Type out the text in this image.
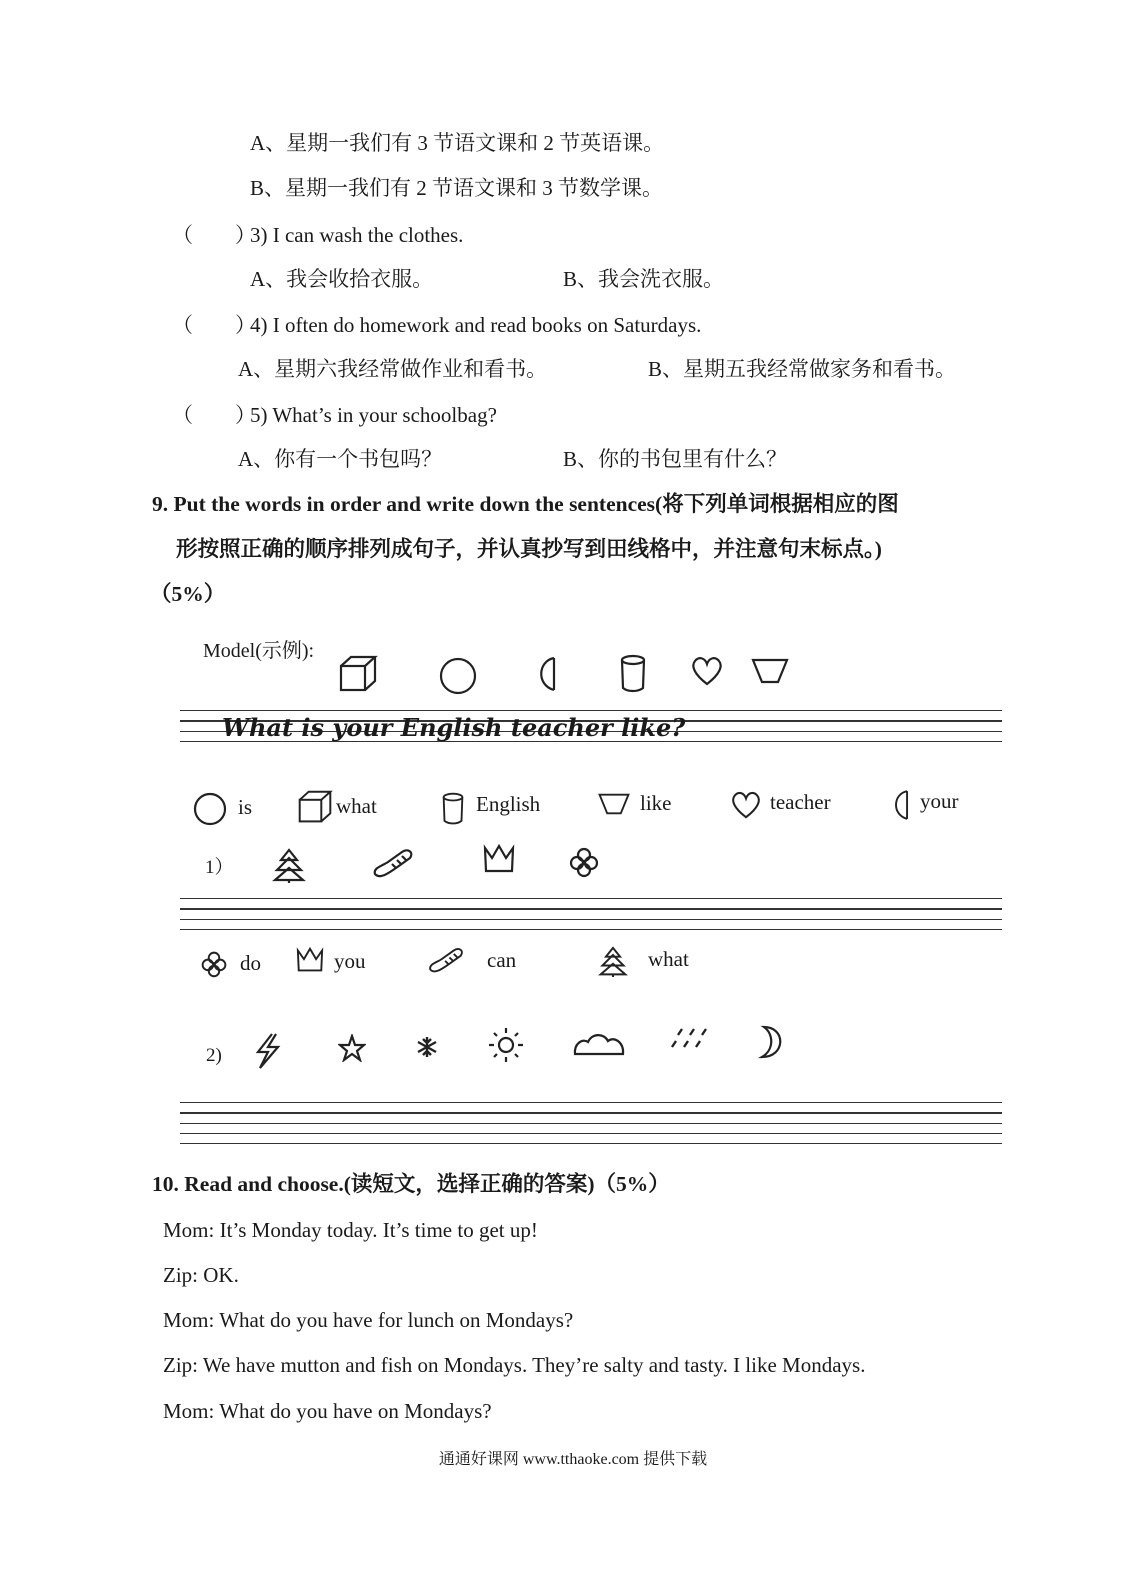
A、星期一我们有 3 节语文课和 2 节英语课。
B、星期一我们有 2 节语文课和 3 节数学课。
（　　）
3) I can wash the clothes.
A、我会收拾衣服。	B、我会洗衣服。
（　　）
4) I often do homework and read books on Saturdays.
A、星期六我经常做作业和看书。	B、星期五我经常做家务和看书。
（　　）
5) What’s in your schoolbag?
A、你有一个书包吗？	B、你的书包里有什么？
9. Put the words in order and write down the sentences(将下列单词根据相应的图
形按照正确的顺序排列成句子，并认真抄写到田线格中，并注意句末标点。)
（5%）
Model(示例):
What is your English teacher like?
is	what	English	like	teacher	your
1）
do	you	can	what
2)
10. Read and choose.(读短文，选择正确的答案)（5%）
Mom: It’s Monday today. It’s time to get up!
Zip: OK.
Mom: What do you have for lunch on Mondays?
Zip: We have mutton and fish on Mondays. They’re salty and tasty. I like Mondays.
Mom: What do you have on Mondays?
通通好课网 www.tthaoke.com 提供下载
